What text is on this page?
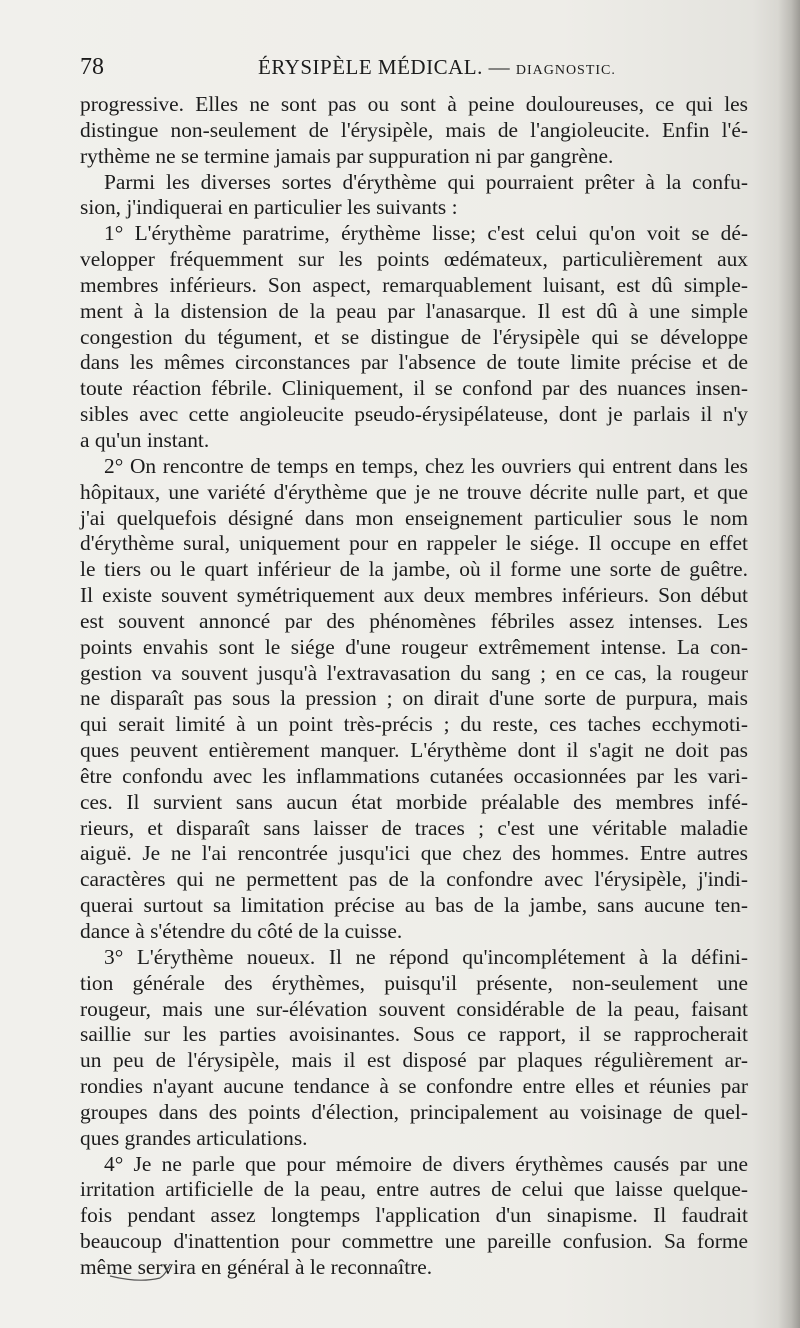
78	ÉRYSIPÈLE MÉDICAL. — DIAGNOSTIC.
progressive. Elles ne sont pas ou sont à peine douloureuses, ce qui les
distingue non-seulement de l'érysipèle, mais de l'angioleucite. Enfin l'é-
rythème ne se termine jamais par suppuration ni par gangrène.
Parmi les diverses sortes d'érythème qui pourraient prêter à la confu-
sion, j'indiquerai en particulier les suivants :
1° L'érythème paratrime, érythème lisse; c'est celui qu'on voit se dé-
velopper fréquemment sur les points œdémateux, particulièrement aux
membres inférieurs. Son aspect, remarquablement luisant, est dû simple-
ment à la distension de la peau par l'anasarque. Il est dû à une simple
congestion du tégument, et se distingue de l'érysipèle qui se développe
dans les mêmes circonstances par l'absence de toute limite précise et de
toute réaction fébrile. Cliniquement, il se confond par des nuances insen-
sibles avec cette angioleucite pseudo-érysipélateuse, dont je parlais il n'y
a qu'un instant.
2° On rencontre de temps en temps, chez les ouvriers qui entrent dans les
hôpitaux, une variété d'érythème que je ne trouve décrite nulle part, et que
j'ai quelquefois désigné dans mon enseignement particulier sous le nom
d'érythème sural, uniquement pour en rappeler le siége. Il occupe en effet
le tiers ou le quart inférieur de la jambe, où il forme une sorte de guêtre.
Il existe souvent symétriquement aux deux membres inférieurs. Son début
est souvent annoncé par des phénomènes fébriles assez intenses. Les
points envahis sont le siége d'une rougeur extrêmement intense. La con-
gestion va souvent jusqu'à l'extravasation du sang ; en ce cas, la rougeur
ne disparaît pas sous la pression ; on dirait d'une sorte de purpura, mais
qui serait limité à un point très-précis ; du reste, ces taches ecchymoti-
ques peuvent entièrement manquer. L'érythème dont il s'agit ne doit pas
être confondu avec les inflammations cutanées occasionnées par les vari-
ces. Il survient sans aucun état morbide préalable des membres infé-
rieurs, et disparaît sans laisser de traces ; c'est une véritable maladie
aiguë. Je ne l'ai rencontrée jusqu'ici que chez des hommes. Entre autres
caractères qui ne permettent pas de la confondre avec l'érysipèle, j'indi-
querai surtout sa limitation précise au bas de la jambe, sans aucune ten-
dance à s'étendre du côté de la cuisse.
3° L'érythème noueux. Il ne répond qu'incomplétement à la défini-
tion générale des érythèmes, puisqu'il présente, non-seulement une
rougeur, mais une sur-élévation souvent considérable de la peau, faisant
saillie sur les parties avoisinantes. Sous ce rapport, il se rapprocherait
un peu de l'érysipèle, mais il est disposé par plaques régulièrement ar-
rondies n'ayant aucune tendance à se confondre entre elles et réunies par
groupes dans des points d'élection, principalement au voisinage de quel-
ques grandes articulations.
4° Je ne parle que pour mémoire de divers érythèmes causés par une
irritation artificielle de la peau, entre autres de celui que laisse quelque-
fois pendant assez longtemps l'application d'un sinapisme. Il faudrait
beaucoup d'inattention pour commettre une pareille confusion. Sa forme
même servira en général à le reconnaître.
